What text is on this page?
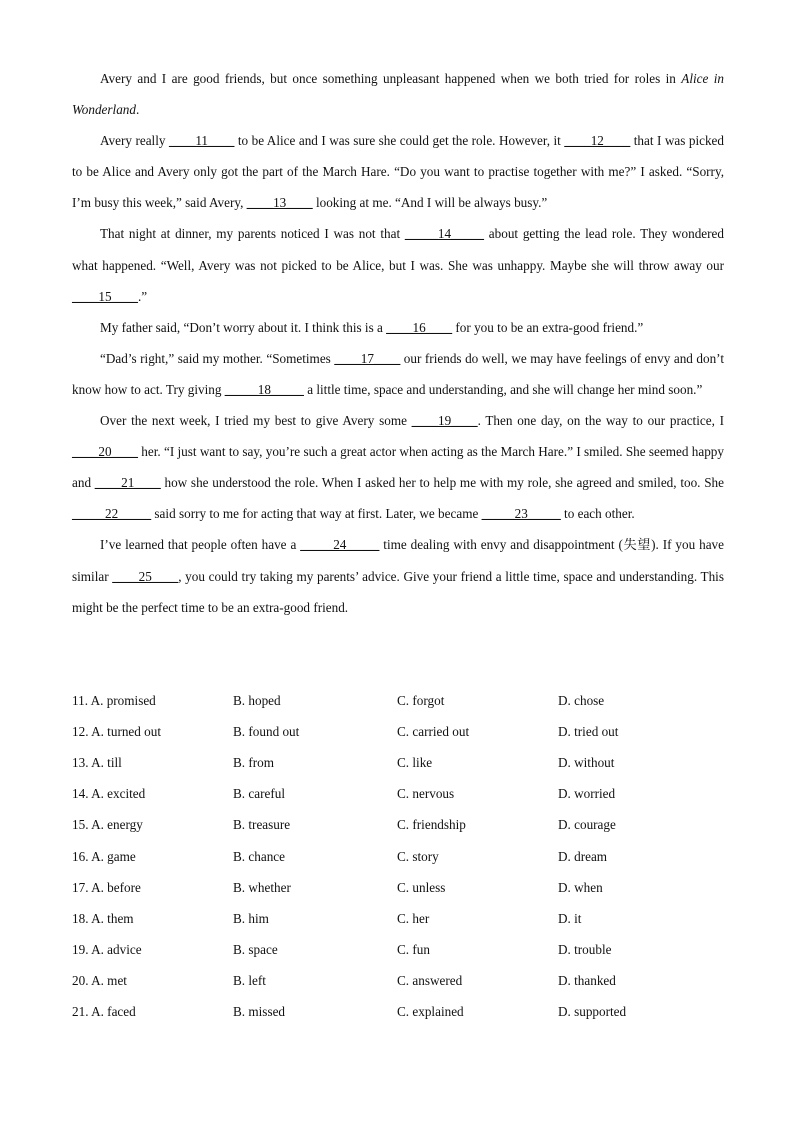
Avery and I are good friends, but once something unpleasant happened when we both tried for roles in Alice in Wonderland.

Avery really ____11____ to be Alice and I was sure she could get the role. However, it ____12____ that I was picked to be Alice and Avery only got the part of the March Hare. “Do you want to practise together with me?” I asked. “Sorry, I’m busy this week,” said Avery, ____13____ looking at me. “And I will be always busy.”

That night at dinner, my parents noticed I was not that _____14_____ about getting the lead role. They wondered what happened. “Well, Avery was not picked to be Alice, but I was. She was unhappy. Maybe she will throw away our ____15____.”

My father said, “Don’t worry about it. I think this is a ____16____ for you to be an extra-good friend.”

“Dad’s right,” said my mother. “Sometimes ____17____ our friends do well, we may have feelings of envy and don’t know how to act. Try giving _____18_____ a little time, space and understanding, and she will change her mind soon.”

Over the next week, I tried my best to give Avery some ____19____. Then one day, on the way to our practice, I ____20____ her. “I just want to say, you’re such a great actor when acting as the March Hare.” I smiled. She seemed happy and ____21____ how she understood the role. When I asked her to help me with my role, she agreed and smiled, too. She _____22_____ said sorry to me for acting that way at first. Later, we became _____23_____ to each other.

I’ve learned that people often have a _____24_____ time dealing with envy and disappointment (失望). If you have similar ____25____, you could try taking my parents’ advice. Give your friend a little time, space and understanding. This might be the perfect time to be an extra-good friend.

11. A. promised	B. hoped	C. forgot	D. chose
12. A. turned out	B. found out	C. carried out	D. tried out
13. A. till	B. from	C. like	D. without
14. A. excited	B. careful	C. nervous	D. worried
15. A. energy	B. treasure	C. friendship	D. courage
16. A. game	B. chance	C. story	D. dream
17. A. before	B. whether	C. unless	D. when
18. A. them	B. him	C. her	D. it
19. A. advice	B. space	C. fun	D. trouble
20. A. met	B. left	C. answered	D. thanked
21. A. faced	B. missed	C. explained	D. supported
